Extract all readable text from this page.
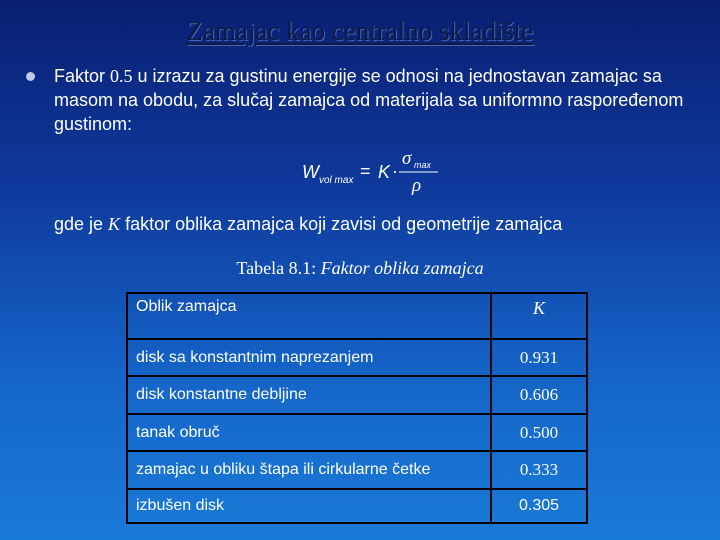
Zamajac kao centralno skladište
Faktor 0.5 u izrazu za gustinu energije se odnosi na jednostavan zamajac sa masom na obodu, za slučaj zamajca od materijala sa uniformno raspoređenom gustinom:
W vol max = K ·
σ max
ρ
gde je K faktor oblika zamajca koji zavisi od geometrije zamajca
Tabela 8.1: Faktor oblika zamajca
Oblik zamajca	K
disk sa konstantnim naprezanjem	0.931
disk konstantne debljine	0.606
tanak obruč	0.500
zamajac u obliku štapa ili cirkularne četke	0.333
izbušen disk	0.305
